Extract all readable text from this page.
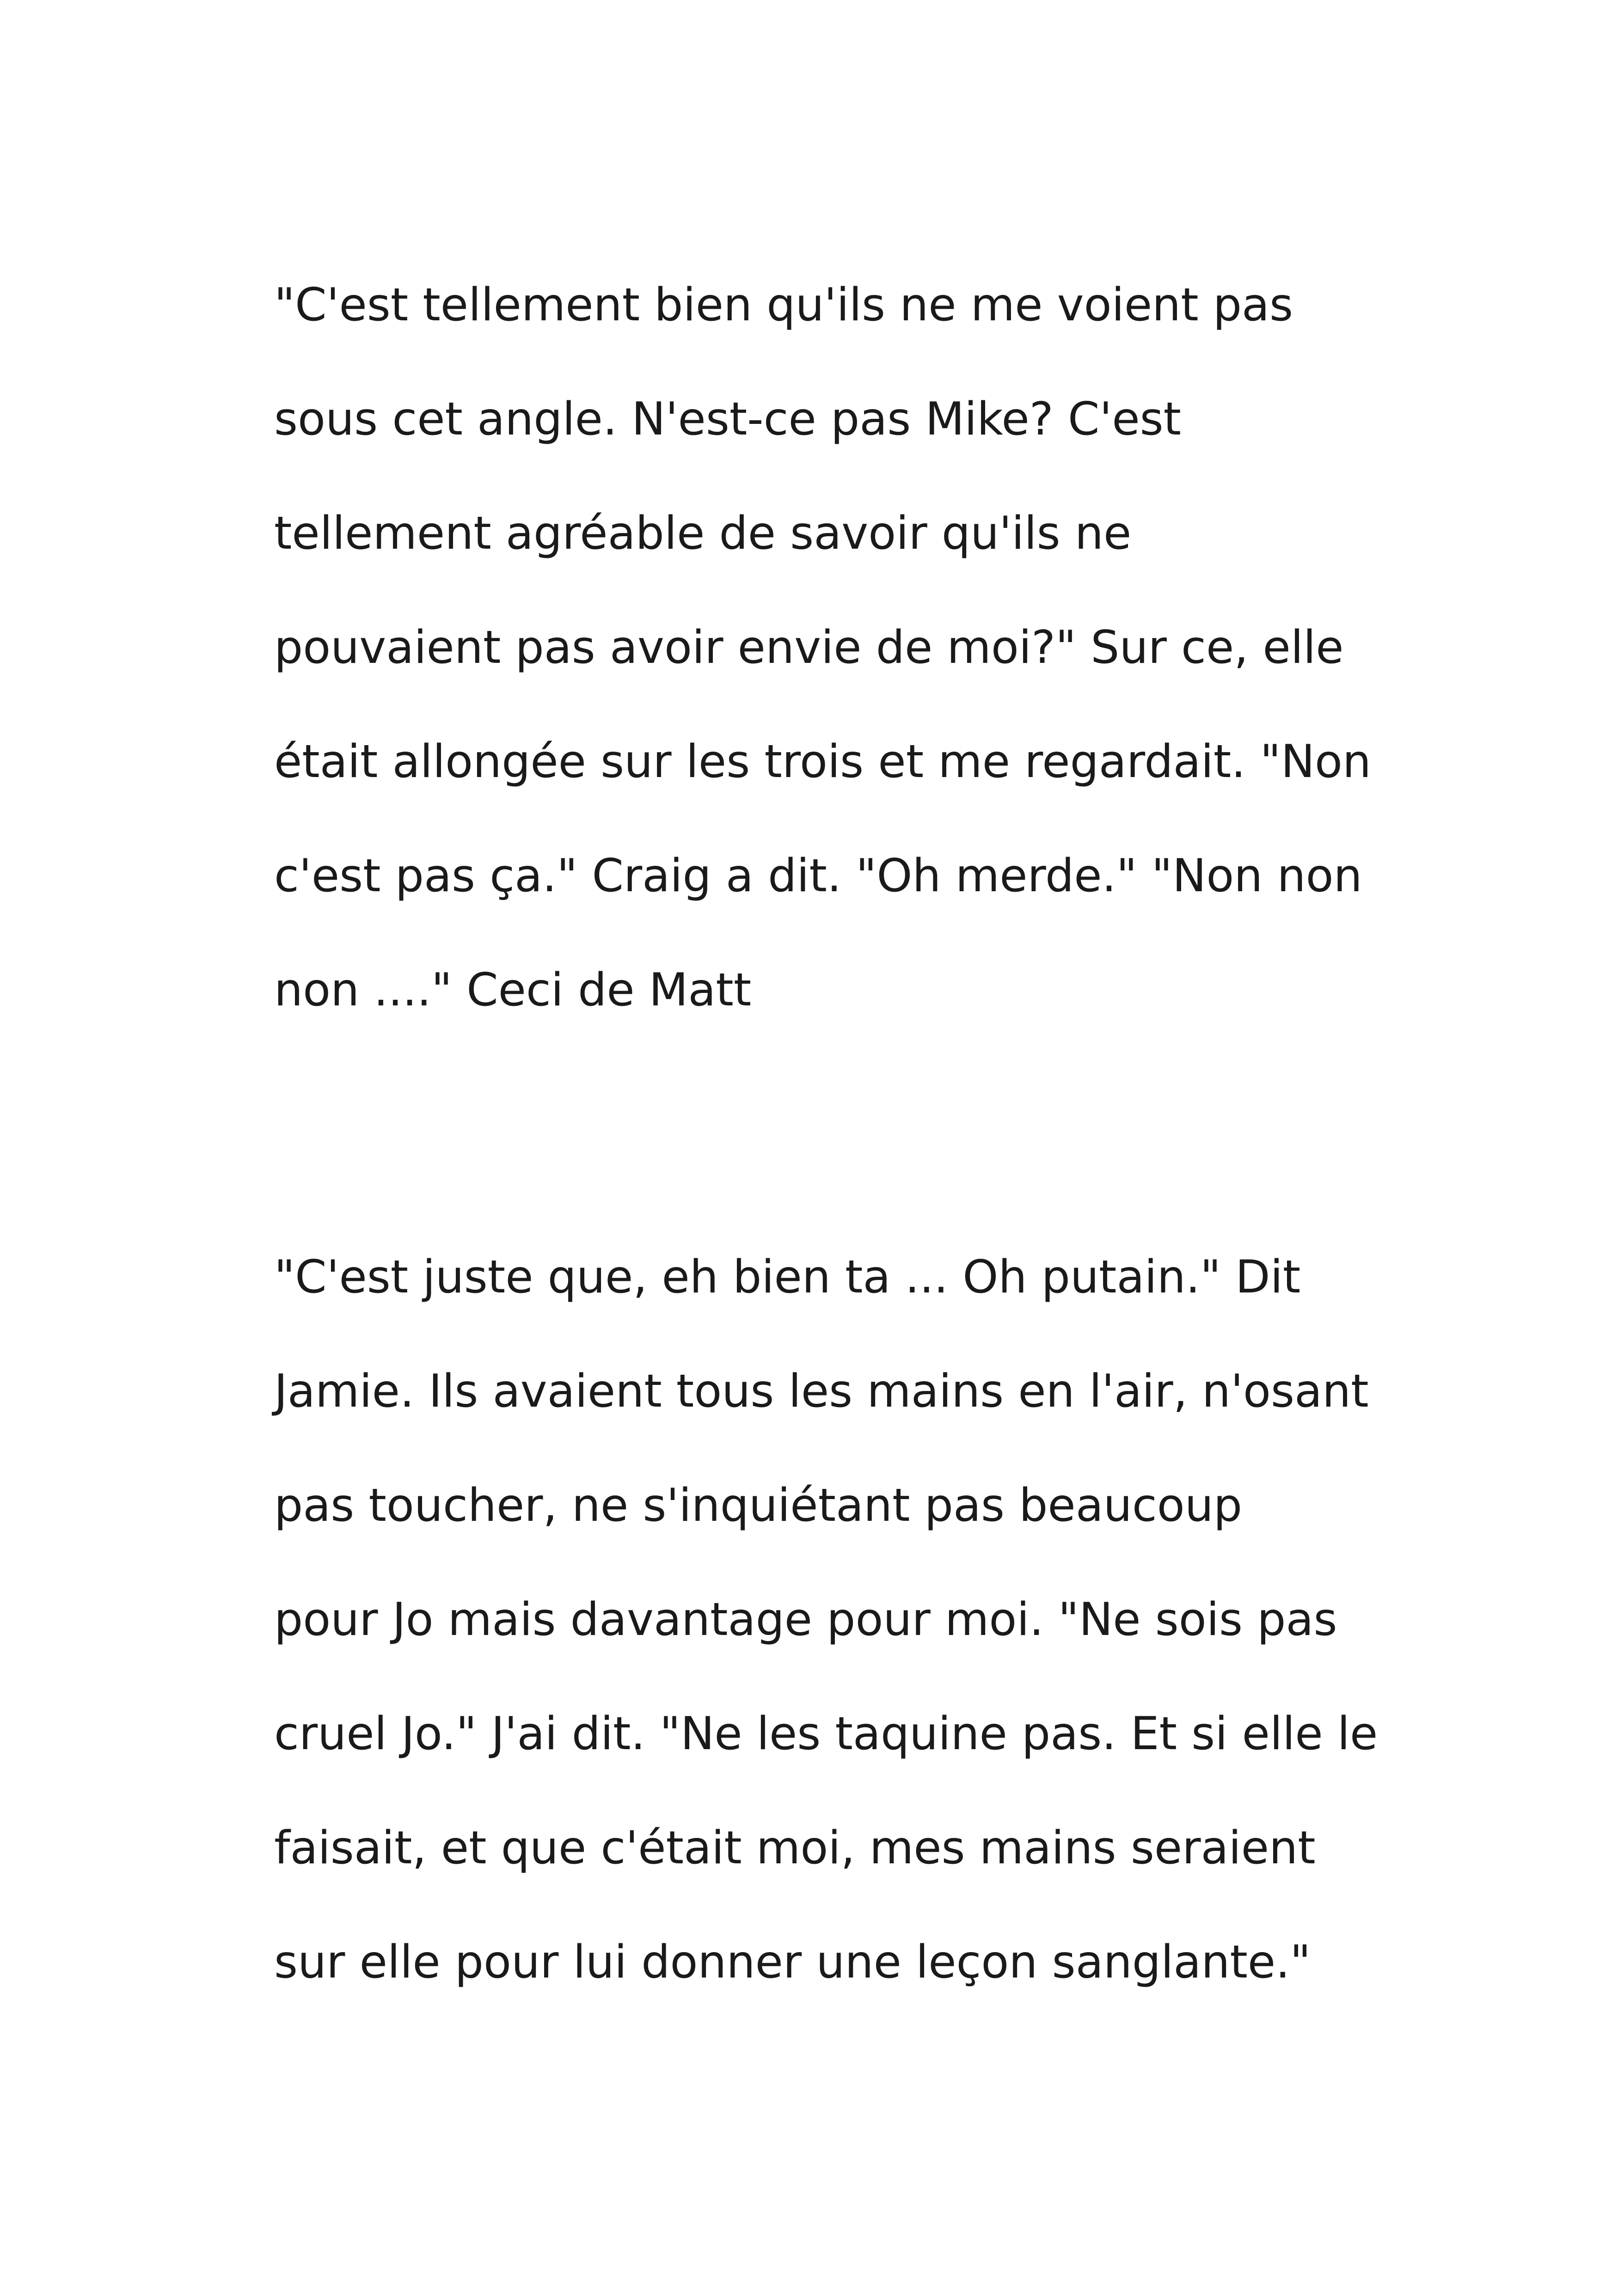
"C'est tellement bien qu'ils ne me voient pas

sous cet angle. N'est-ce pas Mike? C'est

tellement agréable de savoir qu'ils ne

pouvaient pas avoir envie de moi?" Sur ce, elle

était allongée sur les trois et me regardait. "Non

c'est pas ça." Craig a dit. "Oh merde." "Non non

non ...." Ceci de Matt

"C'est juste que, eh bien ta ... Oh putain." Dit

Jamie. Ils avaient tous les mains en l'air, n'osant

pas toucher, ne s'inquiétant pas beaucoup

pour Jo mais davantage pour moi. "Ne sois pas

cruel Jo." J'ai dit. "Ne les taquine pas. Et si elle le

faisait, et que c'était moi, mes mains seraient

sur elle pour lui donner une leçon sanglante."
